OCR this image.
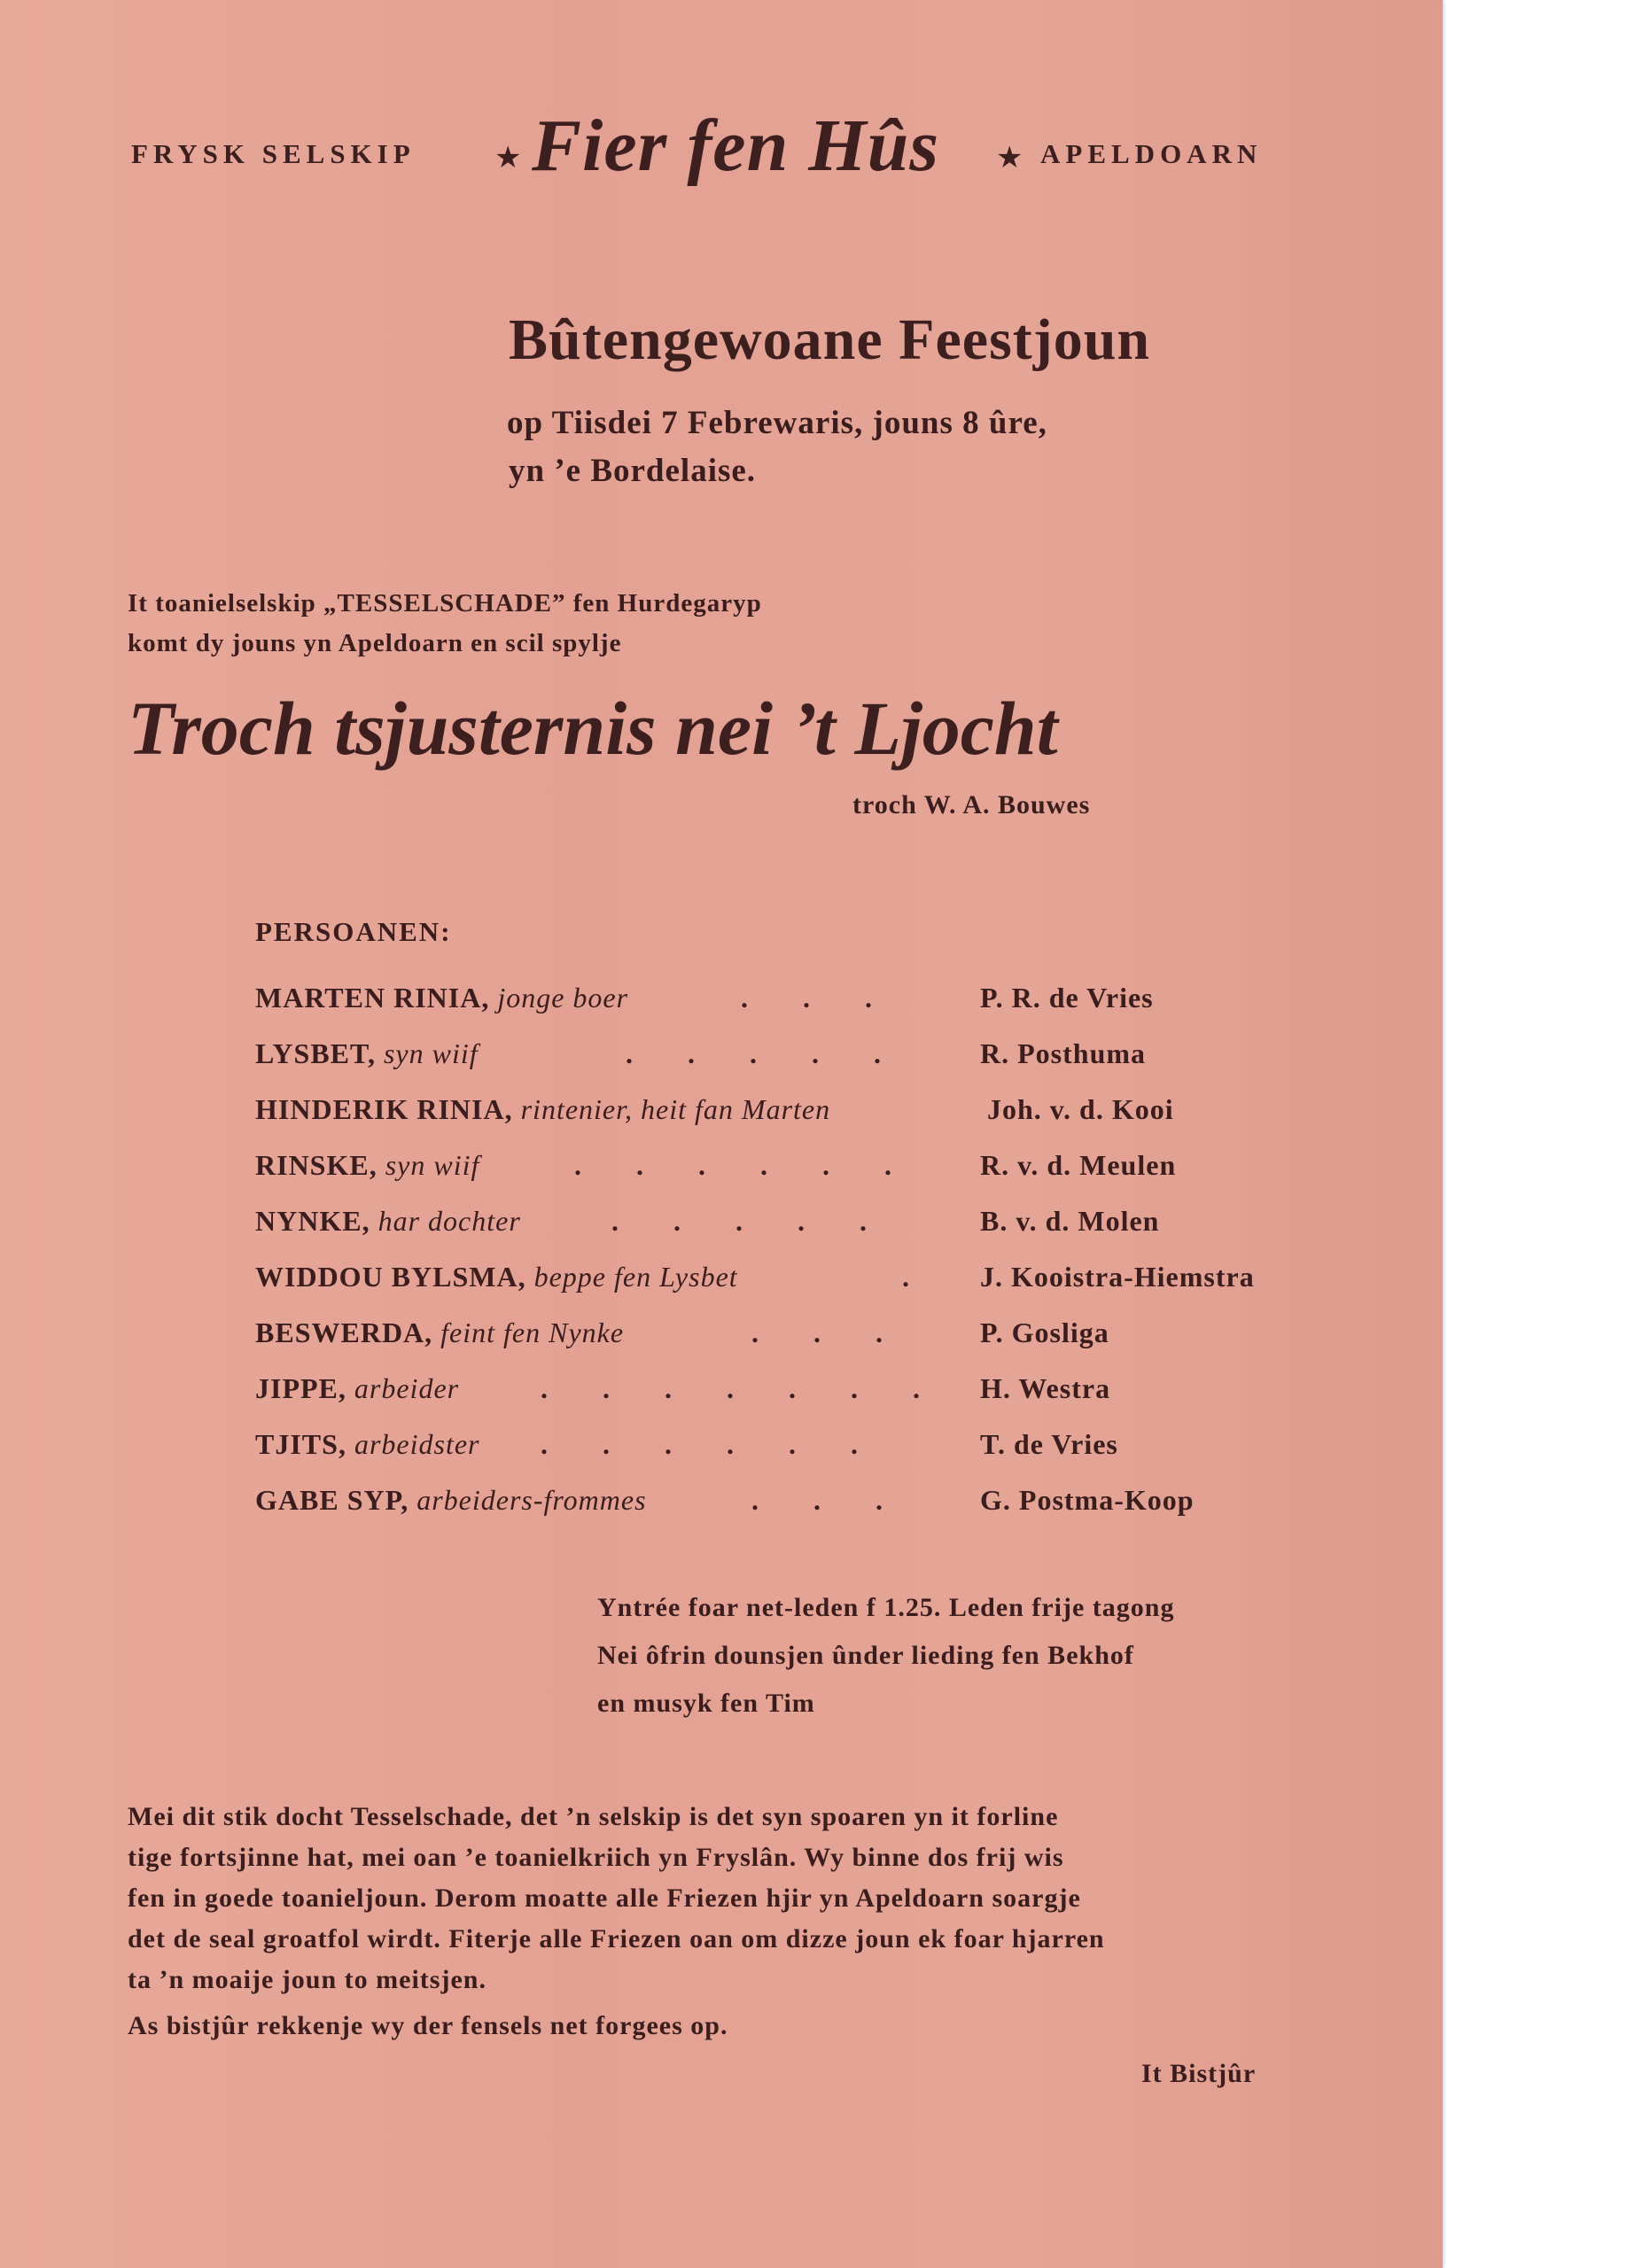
FRYSK SELSKIP	★ Fier fen Hûs ★ APELDOARN
Bûtengewoane Feestjoun
op Tiisdei 7 Febrewaris, jouns 8 ûre,
yn ’e Bordelaise.
It toanielselskip „TESSELSCHADE” fen Hurdegaryp
komt dy jouns yn Apeldoarn en scil spylje
Troch tsjusternis nei ’t Ljocht
troch W. A. Bouwes
PERSOANEN:
MARTEN RINIA, jonge boer	.      .      .	P. R. de Vries
LYSBET, syn wiif	.      .      .      .      .	R. Posthuma
HINDERIK RINIA, rintenier, heit fan Marten	Joh. v. d. Kooi
RINSKE, syn wiif	.      .      .      .      .      .	R. v. d. Meulen
NYNKE, har dochter	.      .      .      .      .	B. v. d. Molen
WIDDOU BYLSMA, beppe fen Lysbet	. J. Kooistra-Hiemstra
BESWERDA, feint fen Nynke	.      .      .	P. Gosliga
JIPPE, arbeider	.      .      .      .      .      .      . H. Westra
TJITS, arbeidster .      .      .      .      .      .	T. de Vries
GABE SYP, arbeiders-frommes	.      .      .	G. Postma-Koop
Yntrée foar net-leden f 1.25. Leden frije tagong
Nei ôfrin dounsjen ûnder lieding fen Bekhof
en musyk fen Tim
Mei dit stik docht Tesselschade, det ’n selskip is det syn spoaren yn it forline
tige fortsjinne hat, mei oan ’e toanielkriich yn Fryslân. Wy binne dos frij wis
fen in goede toanieljoun. Derom moatte alle Friezen hjir yn Apeldoarn soargje
det de seal groatfol wirdt. Fiterje alle Friezen oan om dizze joun ek foar hjarren
ta ’n moaije joun to meitsjen.
As bistjûr rekkenje wy der fensels net forgees op.
It Bistjûr
